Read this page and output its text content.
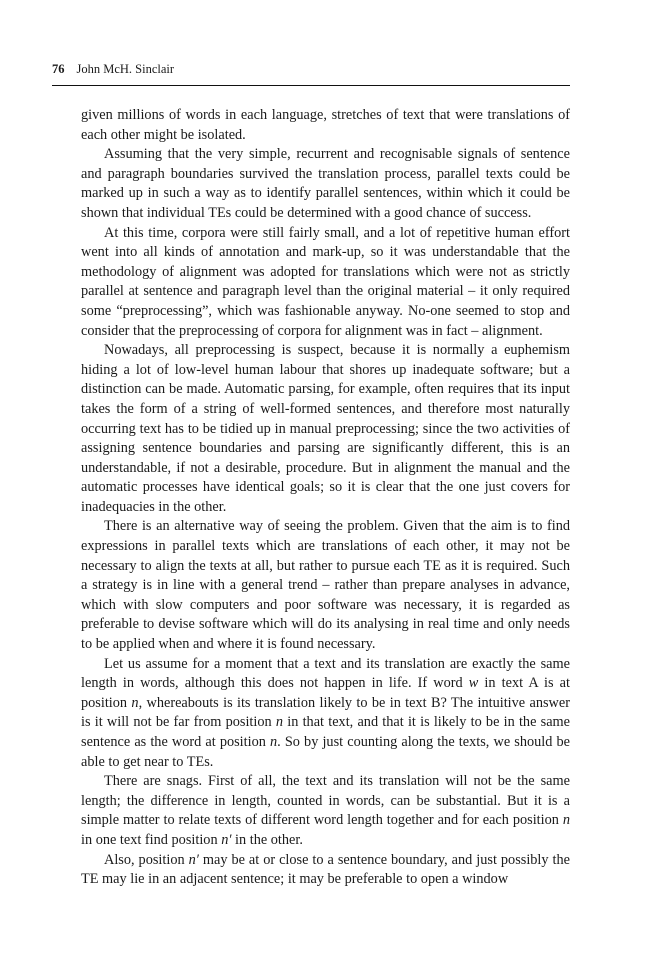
76 John McH. Sinclair

given millions of words in each language, stretches of text that were translations of each other might be isolated.

Assuming that the very simple, recurrent and recognisable signals of sentence and paragraph boundaries survived the translation process, parallel texts could be marked up in such a way as to identify parallel sentences, within which it could be shown that individual TEs could be determined with a good chance of success.

At this time, corpora were still fairly small, and a lot of repetitive human effort went into all kinds of annotation and mark-up, so it was understandable that the methodology of alignment was adopted for translations which were not as strictly parallel at sentence and paragraph level than the original material – it only required some “preprocessing”, which was fashionable anyway. No-one seemed to stop and consider that the preprocessing of corpora for alignment was in fact – alignment.

Nowadays, all preprocessing is suspect, because it is normally a euphemism hiding a lot of low-level human labour that shores up inadequate software; but a distinction can be made. Automatic parsing, for example, often requires that its input takes the form of a string of well-formed sentences, and therefore most naturally occurring text has to be tidied up in manual preprocessing; since the two activities of assigning sentence boundaries and parsing are significantly different, this is an understandable, if not a desirable, procedure. But in alignment the manual and the automatic processes have identical goals; so it is clear that the one just covers for inadequacies in the other.

There is an alternative way of seeing the problem. Given that the aim is to find expressions in parallel texts which are translations of each other, it may not be necessary to align the texts at all, but rather to pursue each TE as it is required. Such a strategy is in line with a general trend – rather than prepare analyses in advance, which with slow computers and poor software was necessary, it is regarded as preferable to devise software which will do its analysing in real time and only needs to be applied when and where it is found necessary.

Let us assume for a moment that a text and its translation are exactly the same length in words, although this does not happen in life. If word w in text A is at position n, whereabouts is its translation likely to be in text B? The intuitive answer is it will not be far from position n in that text, and that it is likely to be in the same sentence as the word at position n. So by just counting along the texts, we should be able to get near to TEs.

There are snags. First of all, the text and its translation will not be the same length; the difference in length, counted in words, can be substantial. But it is a simple matter to relate texts of different word length together and for each position n in one text find position n′ in the other.

Also, position n′ may be at or close to a sentence boundary, and just possibly the TE may lie in an adjacent sentence; it may be preferable to open a window
